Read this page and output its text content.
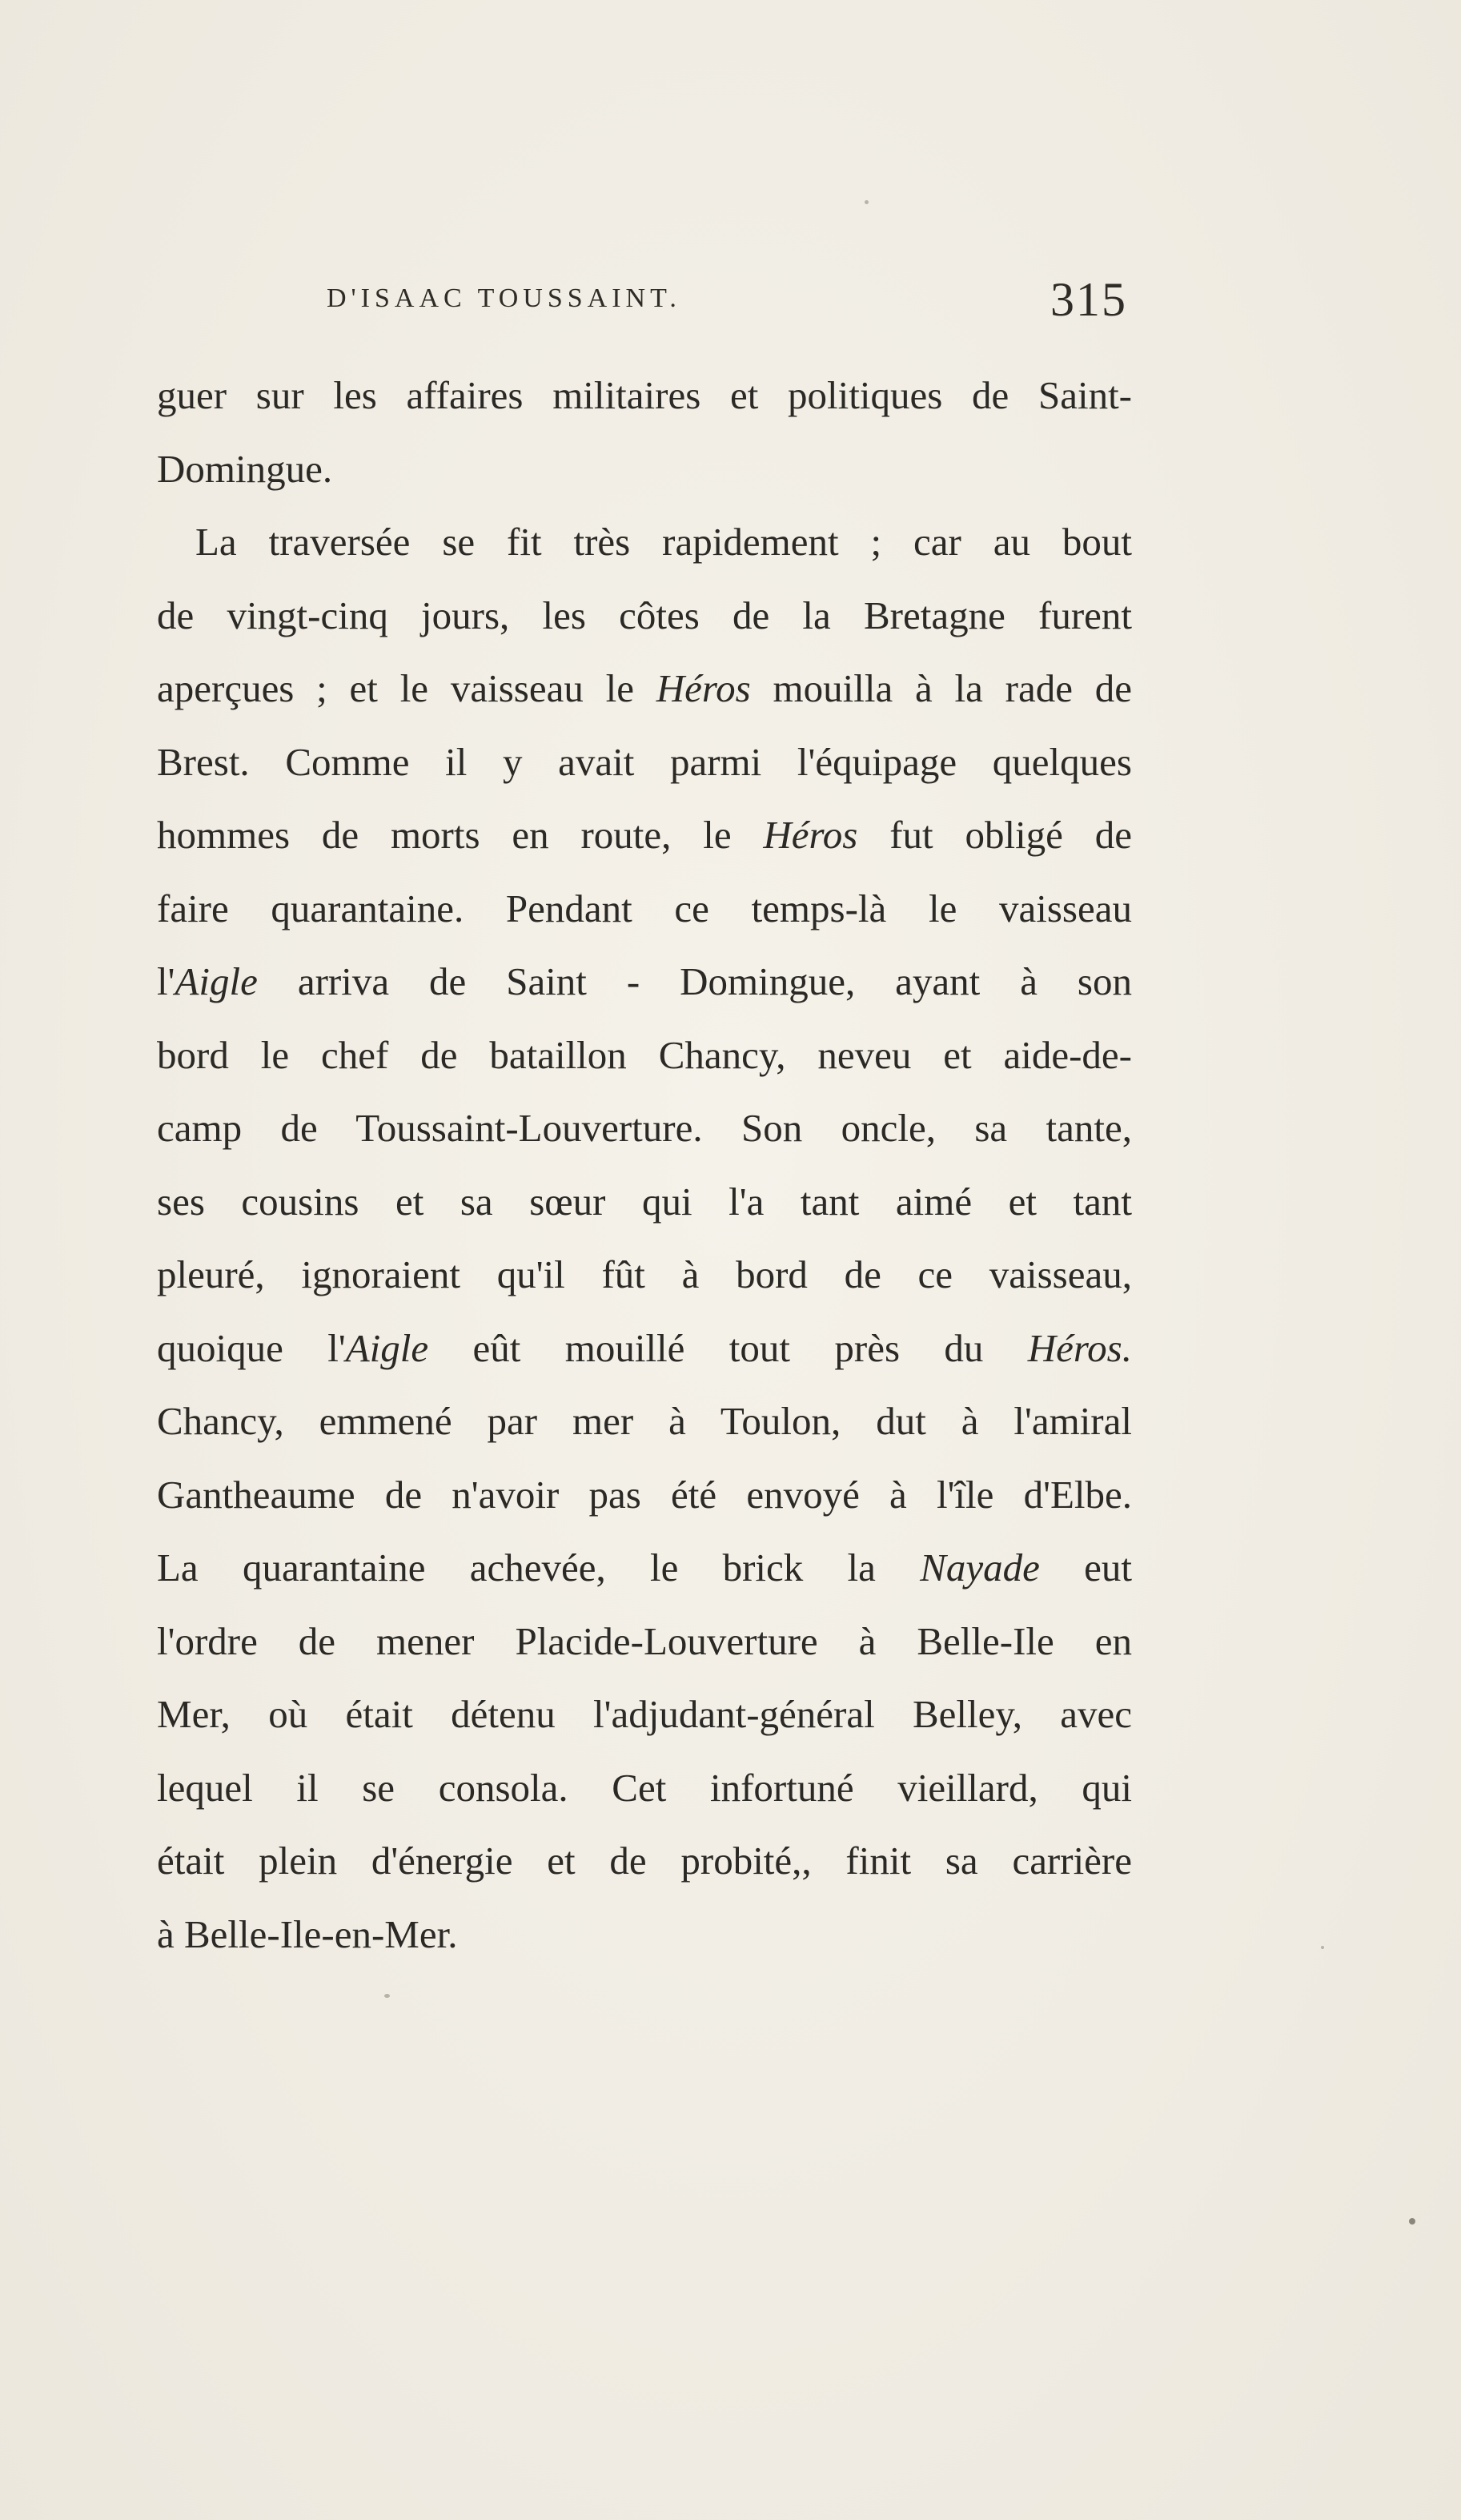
D'ISAAC TOUSSAINT.	315
guer sur les affaires militaires et politiques de Saint-
Domingue.
La traversée se fit très rapidement ; car au bout
de vingt-cinq jours, les côtes de la Bretagne furent
aperçues ; et le vaisseau le Héros mouilla à la rade de
Brest. Comme il y avait parmi l'équipage quelques
hommes de morts en route, le Héros fut obligé de
faire quarantaine. Pendant ce temps-là le vaisseau
l'Aigle arriva de Saint - Domingue, ayant à son
bord le chef de bataillon Chancy, neveu et aide-de-
camp de Toussaint-Louverture. Son oncle, sa tante,
ses cousins et sa sœur qui l'a tant aimé et tant
pleuré, ignoraient qu'il fût à bord de ce vaisseau,
quoique l'Aigle eût mouillé tout près du Héros.
Chancy, emmené par mer à Toulon, dut à l'amiral
Gantheaume de n'avoir pas été envoyé à l'île d'Elbe.
La quarantaine achevée, le brick la Nayade eut
l'ordre de mener Placide-Louverture à Belle-Ile en
Mer, où était détenu l'adjudant-général Belley, avec
lequel il se consola. Cet infortuné vieillard, qui
était plein d'énergie et de probité,, finit sa carrière
à Belle-Ile-en-Mer.
